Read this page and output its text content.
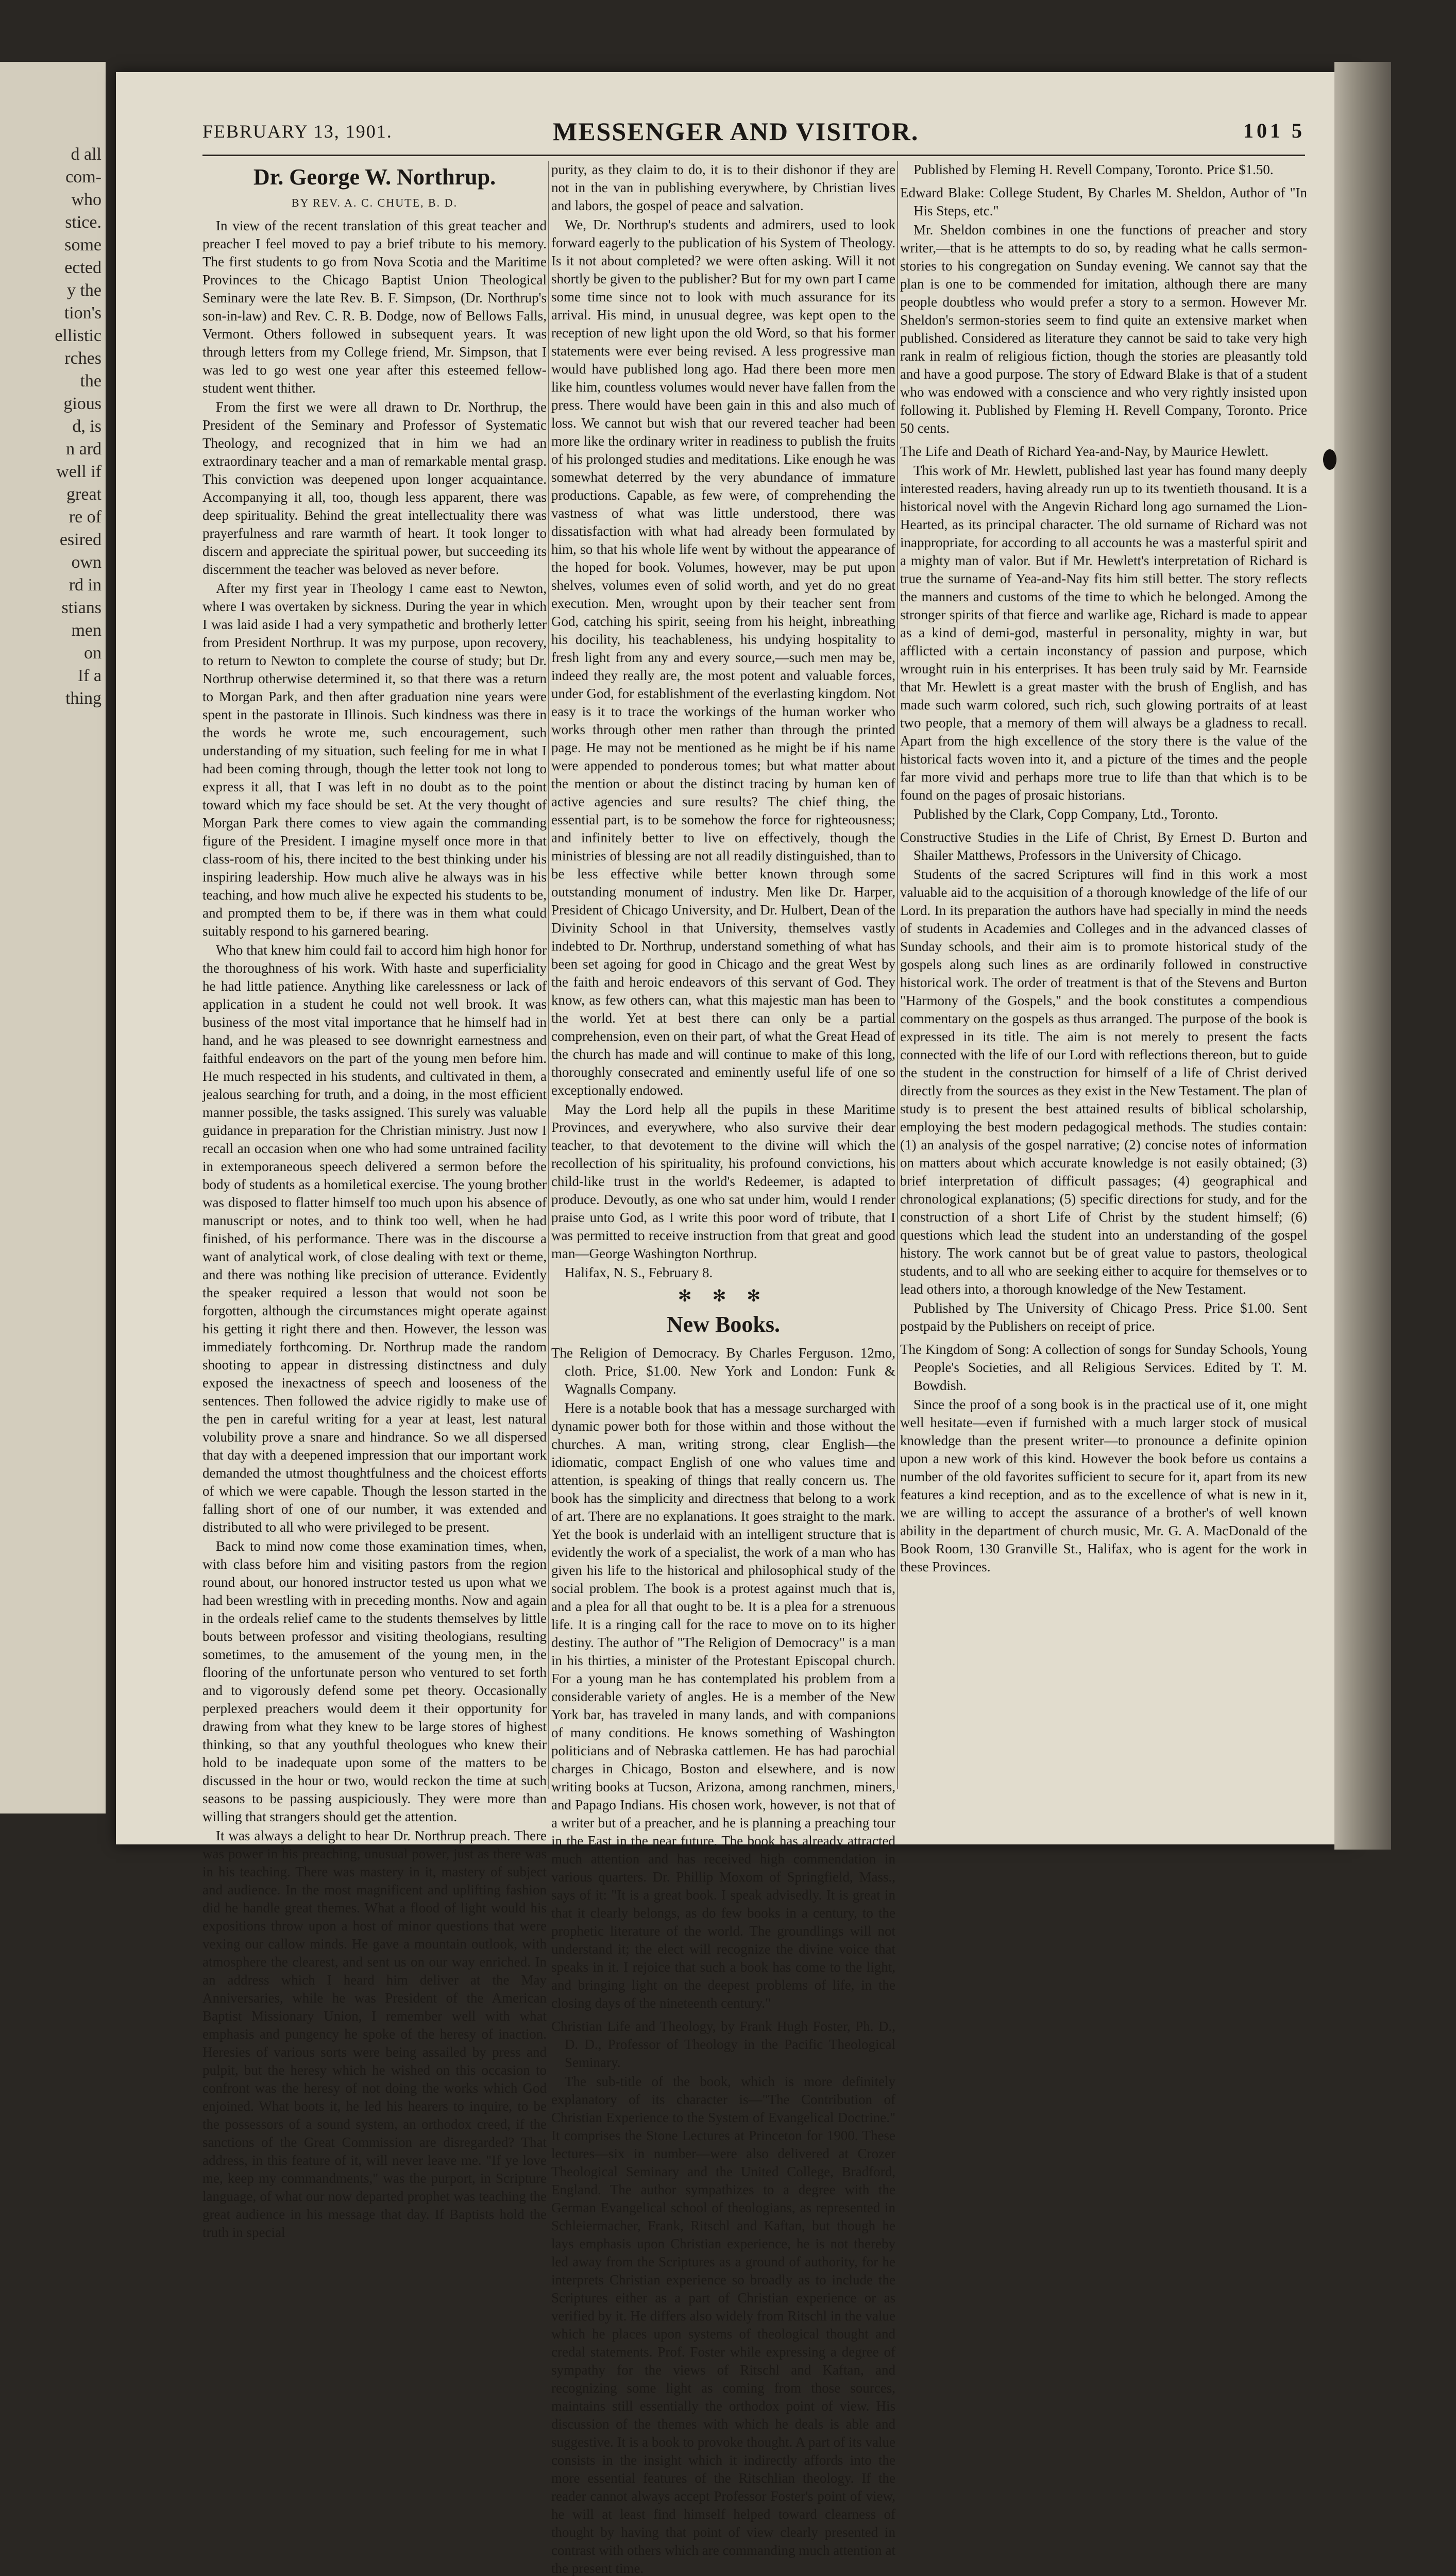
d all
com-
who
stice.
some
ected
y the
tion's
ellistic
rches
the
gious
d, is
n ard
well if
great
re of
esired
own
rd in
stians
men
on
If a
thing
FEBRUARY 13, 1901.	MESSENGER AND VISITOR.	101 5
Dr. George W. Northrup.
BY REV. A. C. CHUTE, B. D.

In view of the recent translation of this great teacher and preacher I feel moved to pay a brief tribute to his memory. The first students to go from Nova Scotia and the Maritime Provinces to the Chicago Baptist Union Theological Seminary were the late Rev. B. F. Simpson, (Dr. Northrup's son-in-law) and Rev. C. R. B. Dodge, now of Bellows Falls, Vermont. Others followed in subsequent years. It was through letters from my College friend, Mr. Simpson, that I was led to go west one year after this esteemed fellow-student went thither.

From the first we were all drawn to Dr. Northrup, the President of the Seminary and Professor of Systematic Theology, and recognized that in him we had an extraordinary teacher and a man of remarkable mental grasp. This conviction was deepened upon longer acquaintance. Accompanying it all, too, though less apparent, there was deep spirituality. Behind the great intellectuality there was prayerfulness and rare warmth of heart. It took longer to discern and appreciate the spiritual power, but succeeding its discernment the teacher was beloved as never before.

After my first year in Theology I came east to Newton, where I was overtaken by sickness. During the year in which I was laid aside I had a very sympathetic and brotherly letter from President Northrup. It was my purpose, upon recovery, to return to Newton to complete the course of study; but Dr. Northrup otherwise determined it, so that there was a return to Morgan Park, and then after graduation nine years were spent in the pastorate in Illinois. Such kindness was there in the words he wrote me, such encouragement, such understanding of my situation, such feeling for me in what I had been coming through, though the letter took not long to express it all, that I was left in no doubt as to the point toward which my face should be set. At the very thought of Morgan Park there comes to view again the commanding figure of the President. I imagine myself once more in that class-room of his, there incited to the best thinking under his inspiring leadership. How much alive he always was in his teaching, and how much alive he expected his students to be, and prompted them to be, if there was in them what could suitably respond to his garnered bearing.

Who that knew him could fail to accord him high honor for the thoroughness of his work. With haste and superficiality he had little patience. Anything like carelessness or lack of application in a student he could not well brook. It was business of the most vital importance that he himself had in hand, and he was pleased to see downright earnestness and faithful endeavors on the part of the young men before him. He much respected in his students, and cultivated in them, a jealous searching for truth, and a doing, in the most efficient manner possible, the tasks assigned. This surely was valuable guidance in preparation for the Christian ministry. Just now I recall an occasion when one who had some untrained facility in extemporaneous speech delivered a sermon before the body of students as a homiletical exercise. The young brother was disposed to flatter himself too much upon his absence of manuscript or notes, and to think too well, when he had finished, of his performance. There was in the discourse a want of analytical work, of close dealing with text or theme, and there was nothing like precision of utterance. Evidently the speaker required a lesson that would not soon be forgotten, although the circumstances might operate against his getting it right there and then. However, the lesson was immediately forthcoming. Dr. Northrup made the random shooting to appear in distressing distinctness and duly exposed the inexactness of speech and looseness of the sentences. Then followed the advice rigidly to make use of the pen in careful writing for a year at least, lest natural volubility prove a snare and hindrance. So we all dispersed that day with a deepened impression that our important work demanded the utmost thoughtfulness and the choicest efforts of which we were capable. Though the lesson started in the falling short of one of our number, it was extended and distributed to all who were privileged to be present.

Back to mind now come those examination times, when, with class before him and visiting pastors from the region round about, our honored instructor tested us upon what we had been wrestling with in preceding months. Now and again in the ordeals relief came to the students themselves by little bouts between professor and visiting theologians, resulting sometimes, to the amusement of the young men, in the flooring of the unfortunate person who ventured to set forth and to vigorously defend some pet theory. Occasionally perplexed preachers would deem it their opportunity for drawing from what they knew to be large stores of highest thinking, so that any youthful theologues who knew their hold to be inadequate upon some of the matters to be discussed in the hour or two, would reckon the time at such seasons to be passing auspiciously. They were more than willing that strangers should get the attention.

It was always a delight to hear Dr. Northrup preach. There was power in his preaching, unusual power, just as there was in his teaching. There was mastery in it, mastery of subject and audience. In the most magnificent and uplifting fashion did he handle great themes. What a flood of light would his expositions throw upon a host of minor questions that were vexing our callow minds. He gave a mountain outlook, with atmosphere the clearest, and sent us on our way enriched. In an address which I heard him deliver at the May Anniversaries, while he was President of the American Baptist Missionary Union, I remember well with what emphasis and pungency he spoke of the heresy of inaction. Heresies of various sorts were being assailed by press and pulpit, but the heresy which he wished on this occasion to confront was the heresy of not doing the works which God enjoined. What boots it, he led his hearers to inquire, to be the possessors of a sound system, an orthodox creed, if the sanctions of the Great Commission are disregarded? That address, in this feature of it, will never leave me. "If ye love me, keep my commandments," was the purport, in Scripture language, of what our now departed prophet was teaching the great audience in his message that day. If Baptists hold the truth in special

purity, as they claim to do, it is to their dishonor if they are not in the van in publishing everywhere, by Christian lives and labors, the gospel of peace and salvation.

We, Dr. Northrup's students and admirers, used to look forward eagerly to the publication of his System of Theology. Is it not about completed? we were often asking. Will it not shortly be given to the publisher? But for my own part I came some time since not to look with much assurance for its arrival. His mind, in unusual degree, was kept open to the reception of new light upon the old Word, so that his former statements were ever being revised. A less progressive man would have published long ago. Had there been more men like him, countless volumes would never have fallen from the press. There would have been gain in this and also much of loss. We cannot but wish that our revered teacher had been more like the ordinary writer in readiness to publish the fruits of his prolonged studies and meditations. Like enough he was somewhat deterred by the very abundance of immature productions. Capable, as few were, of comprehending the vastness of what was little understood, there was dissatisfaction with what had already been formulated by him, so that his whole life went by without the appearance of the hoped for book. Volumes, however, may be put upon shelves, volumes even of solid worth, and yet do no great execution. Men, wrought upon by their teacher sent from God, catching his spirit, seeing from his height, inbreathing his docility, his teachableness, his undying hospitality to fresh light from any and every source,—such men may be, indeed they really are, the most potent and valuable forces, under God, for establishment of the everlasting kingdom. Not easy is it to trace the workings of the human worker who works through other men rather than through the printed page. He may not be mentioned as he might be if his name were appended to ponderous tomes; but what matter about the mention or about the distinct tracing by human ken of active agencies and sure results? The chief thing, the essential part, is to be somehow the force for righteousness; and infinitely better to live on effectively, though the ministries of blessing are not all readily distinguished, than to be less effective while better known through some outstanding monument of industry. Men like Dr. Harper, President of Chicago University, and Dr. Hulbert, Dean of the Divinity School in that University, themselves vastly indebted to Dr. Northrup, understand something of what has been set agoing for good in Chicago and the great West by the faith and heroic endeavors of this servant of God. They know, as few others can, what this majestic man has been to the world. Yet at best there can only be a partial comprehension, even on their part, of what the Great Head of the church has made and will continue to make of this long, thoroughly consecrated and eminently useful life of one so exceptionally endowed.

May the Lord help all the pupils in these Maritime Provinces, and everywhere, who also survive their dear teacher, to that devotement to the divine will which the recollection of his spirituality, his profound convictions, his child-like trust in the world's Redeemer, is adapted to produce. Devoutly, as one who sat under him, would I render praise unto God, as I write this poor word of tribute, that I was permitted to receive instruction from that great and good man—George Washington Northrup.

Halifax, N. S., February 8.

✻ ✻ ✻
New Books.

The Religion of Democracy. By Charles Ferguson. 12mo, cloth. Price, $1.00. New York and London: Funk & Wagnalls Company.

Here is a notable book that has a message surcharged with dynamic power both for those within and those without the churches. A man, writing strong, clear English—the idiomatic, compact English of one who values time and attention, is speaking of things that really concern us. The book has the simplicity and directness that belong to a work of art. There are no explanations. It goes straight to the mark. Yet the book is underlaid with an intelligent structure that is evidently the work of a specialist, the work of a man who has given his life to the historical and philosophical study of the social problem. The book is a protest against much that is, and a plea for all that ought to be. It is a plea for a strenuous life. It is a ringing call for the race to move on to its higher destiny. The author of "The Religion of Democracy" is a man in his thirties, a minister of the Protestant Episcopal church. For a young man he has contemplated his problem from a considerable variety of angles. He is a member of the New York bar, has traveled in many lands, and with companions of many conditions. He knows something of Washington politicians and of Nebraska cattlemen. He has had parochial charges in Chicago, Boston and elsewhere, and is now writing books at Tucson, Arizona, among ranchmen, miners, and Papago Indians. His chosen work, however, is not that of a writer but of a preacher, and he is planning a preaching tour in the East in the near future. The book has already attracted much attention and has received high commendation in various quarters. Dr. Phillip Moxom of Springfield, Mass., says of it: "It is a great book. I speak advisedly. It is great in that it clearly belongs, as do few books in a century, to the prophetic literature of the world. The groundlings will not understand it; the elect will recognize the divine voice that speaks in it. I rejoice that such a book has come to the light, and bringing light on the deepest problems of life, in the closing days of the nineteenth century."

Christian Life and Theology, by Frank Hugh Foster, Ph. D., D. D., Professor of Theology in the Pacific Theological Seminary.

The sub-title of the book, which is more definitely explanatory of its character is—"The Contribution of Christian Experience to the System of Evangelical Doctrine." It comprises the Stone Lectures at Princeton for 1900. These lectures—six in number—were also delivered at Crozer Theological Seminary and the United College, Bradford, England. The author sympathizes to a degree with the German Evangelical school of theologians, as represented in Schleiermacher, Frank, Ritschl and Kaftan, but though he lays emphasis upon Christian experience, he is not thereby led away from the Scriptures as a ground of authority, for he interprets Christian experience so broadly as to include the Scriptures either as a part of Christian experience or as verified by it. He differs also widely from Ritschl in the value which he places upon systems of theological thought and credal statements. Prof. Foster while expressing a degree of sympathy for the views of Ritschl and Kaftan, and recognizing some light as coming from those sources, maintains still essentially the orthodox point of view. His discussion of the themes with which he deals is able and suggestive. It is a book to provoke thought. A part of its value consists in the insight which it indirectly affords into the more essential features of the Ritschlian theology. If the reader cannot always accept Professor Foster's point of view, he will at least find himself helped toward clearness of thought by having that point of view clearly presented in contrast with others which are commanding much attention at the present time.

Published by Fleming H. Revell Company, Toronto. Price $1.50.

Edward Blake: College Student, By Charles M. Sheldon, Author of "In His Steps, etc."

Mr. Sheldon combines in one the functions of preacher and story writer,—that is he attempts to do so, by reading what he calls sermon-stories to his congregation on Sunday evening. We cannot say that the plan is one to be commended for imitation, although there are many people doubtless who would prefer a story to a sermon. However Mr. Sheldon's sermon-stories seem to find quite an extensive market when published. Considered as literature they cannot be said to take very high rank in realm of religious fiction, though the stories are pleasantly told and have a good purpose. The story of Edward Blake is that of a student who was endowed with a conscience and who very rightly insisted upon following it. Published by Fleming H. Revell Company, Toronto. Price 50 cents.

The Life and Death of Richard Yea-and-Nay, by Maurice Hewlett.

This work of Mr. Hewlett, published last year has found many deeply interested readers, having already run up to its twentieth thousand. It is a historical novel with the Angevin Richard long ago surnamed the Lion-Hearted, as its principal character. The old surname of Richard was not inappropriate, for according to all accounts he was a masterful spirit and a mighty man of valor. But if Mr. Hewlett's interpretation of Richard is true the surname of Yea-and-Nay fits him still better. The story reflects the manners and customs of the time to which he belonged. Among the stronger spirits of that fierce and warlike age, Richard is made to appear as a kind of demi-god, masterful in personality, mighty in war, but afflicted with a certain inconstancy of passion and purpose, which wrought ruin in his enterprises. It has been truly said by Mr. Fearnside that Mr. Hewlett is a great master with the brush of English, and has made such warm colored, such rich, such glowing portraits of at least two people, that a memory of them will always be a gladness to recall. Apart from the high excellence of the story there is the value of the historical facts woven into it, and a picture of the times and the people far more vivid and perhaps more true to life than that which is to be found on the pages of prosaic historians.

Published by the Clark, Copp Company, Ltd., Toronto.

Constructive Studies in the Life of Christ, By Ernest D. Burton and Shailer Matthews, Professors in the University of Chicago.

Students of the sacred Scriptures will find in this work a most valuable aid to the acquisition of a thorough knowledge of the life of our Lord. In its preparation the authors have had specially in mind the needs of students in Academies and Colleges and in the advanced classes of Sunday schools, and their aim is to promote historical study of the gospels along such lines as are ordinarily followed in constructive historical work. The order of treatment is that of the Stevens and Burton "Harmony of the Gospels," and the book constitutes a compendious commentary on the gospels as thus arranged. The purpose of the book is expressed in its title. The aim is not merely to present the facts connected with the life of our Lord with reflections thereon, but to guide the student in the construction for himself of a life of Christ derived directly from the sources as they exist in the New Testament. The plan of study is to present the best attained results of biblical scholarship, employing the best modern pedagogical methods. The studies contain: (1) an analysis of the gospel narrative; (2) concise notes of information on matters about which accurate knowledge is not easily obtained; (3) brief interpretation of difficult passages; (4) geographical and chronological explanations; (5) specific directions for study, and for the construction of a short Life of Christ by the student himself; (6) questions which lead the student into an understanding of the gospel history. The work cannot but be of great value to pastors, theological students, and to all who are seeking either to acquire for themselves or to lead others into, a thorough knowledge of the New Testament.

Published by The University of Chicago Press. Price $1.00. Sent postpaid by the Publishers on receipt of price.

The Kingdom of Song: A collection of songs for Sunday Schools, Young People's Societies, and all Religious Services. Edited by T. M. Bowdish.

Since the proof of a song book is in the practical use of it, one might well hesitate—even if furnished with a much larger stock of musical knowledge than the present writer—to pronounce a definite opinion upon a new work of this kind. However the book before us contains a number of the old favorites sufficient to secure for it, apart from its new features a kind reception, and as to the excellence of what is new in it, we are willing to accept the assurance of a brother's of well known ability in the department of church music, Mr. G. A. MacDonald of the Book Room, 130 Granville St., Halifax, who is agent for the work in these Provinces.
